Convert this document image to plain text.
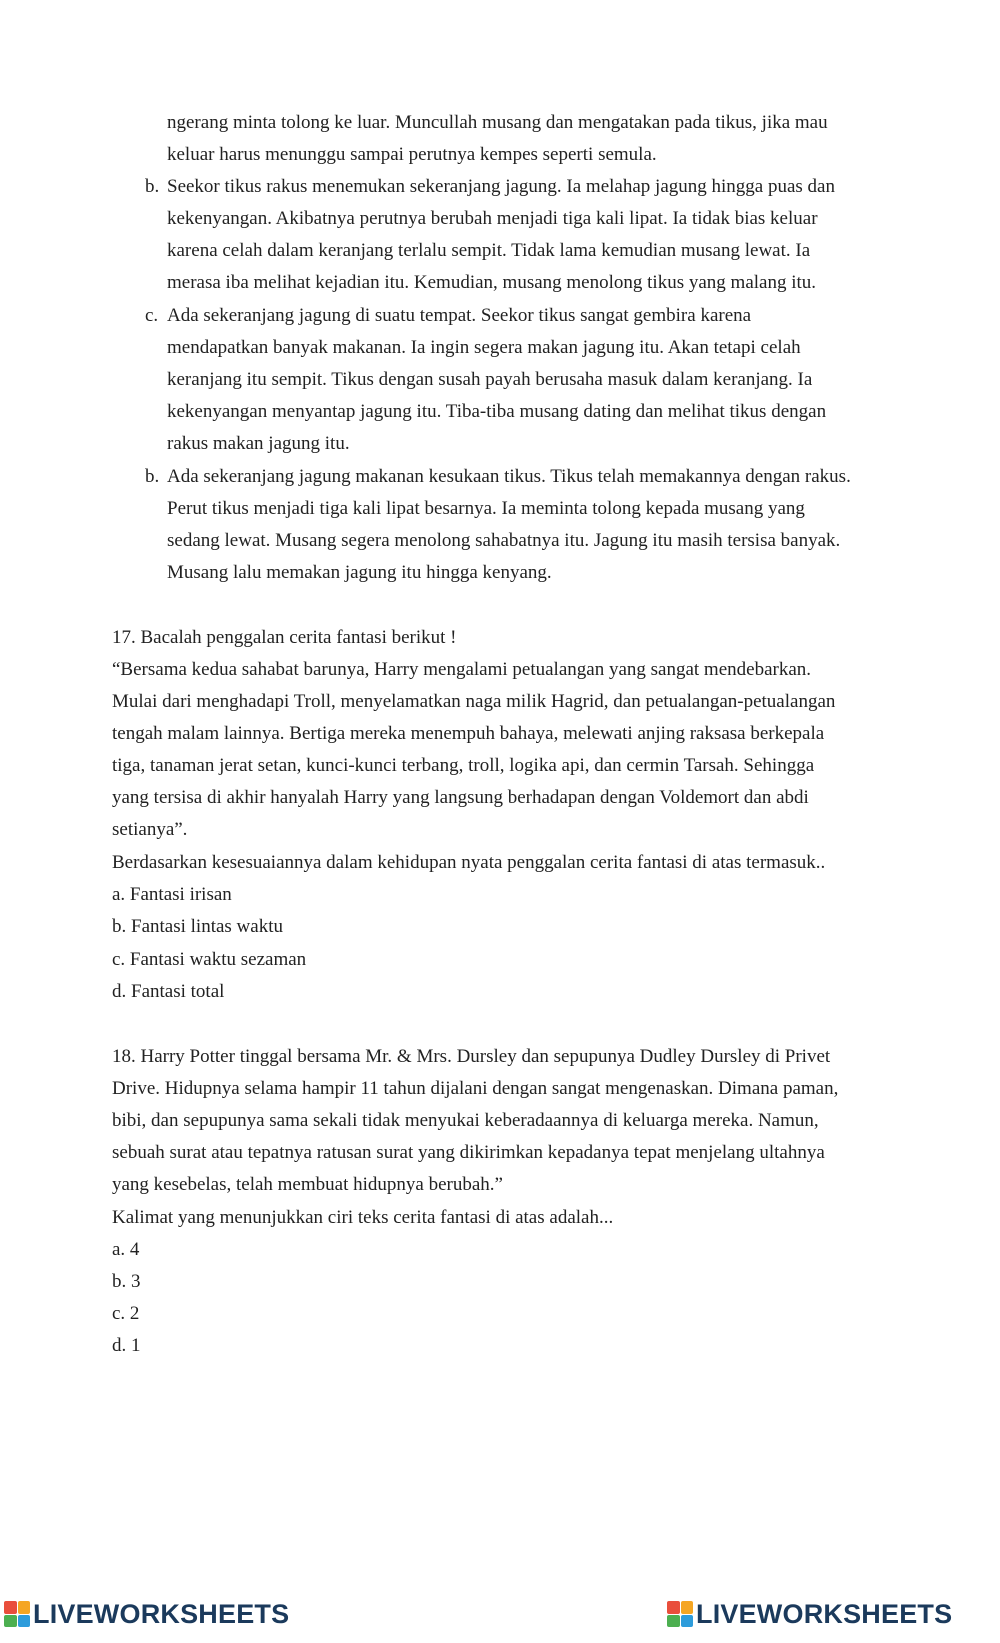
ngerang minta tolong ke luar. Muncullah musang dan mengatakan pada tikus, jika mau
keluar harus menunggu sampai perutnya kempes seperti semula.
b. Seekor tikus rakus menemukan sekeranjang jagung. Ia melahap jagung hingga puas dan
kekenyangan. Akibatnya perutnya berubah menjadi tiga kali lipat. Ia tidak bias keluar
karena celah dalam keranjang terlalu sempit. Tidak lama kemudian musang lewat. Ia
merasa iba melihat kejadian itu. Kemudian, musang menolong tikus yang malang itu.
c. Ada sekeranjang jagung di suatu tempat. Seekor tikus sangat gembira karena
mendapatkan banyak makanan. Ia ingin segera makan jagung itu. Akan tetapi celah
keranjang itu sempit. Tikus dengan susah payah berusaha masuk dalam keranjang. Ia
kekenyangan menyantap jagung itu. Tiba-tiba musang dating dan melihat tikus dengan
rakus makan jagung itu.
b. Ada sekeranjang jagung makanan kesukaan tikus. Tikus telah memakannya dengan rakus.
Perut tikus menjadi tiga kali lipat besarnya. Ia meminta tolong kepada musang yang
sedang lewat. Musang segera menolong sahabatnya itu. Jagung itu masih tersisa banyak.
Musang lalu memakan jagung itu hingga kenyang.
17. Bacalah penggalan cerita fantasi berikut !
“Bersama kedua sahabat barunya, Harry mengalami petualangan yang sangat mendebarkan.
Mulai dari menghadapi Troll, menyelamatkan naga milik Hagrid, dan petualangan-petualangan
tengah malam lainnya. Bertiga mereka menempuh bahaya, melewati anjing raksasa berkepala
tiga, tanaman jerat setan, kunci-kunci terbang, troll, logika api, dan cermin Tarsah. Sehingga
yang tersisa di akhir hanyalah Harry yang langsung berhadapan dengan Voldemort dan abdi
setianya”.
Berdasarkan kesesuaiannya dalam kehidupan nyata penggalan cerita fantasi di atas termasuk..
a. Fantasi irisan
b. Fantasi lintas waktu
c. Fantasi waktu sezaman
d. Fantasi total
18. Harry Potter tinggal bersama Mr. & Mrs. Dursley dan sepupunya Dudley Dursley di Privet
Drive. Hidupnya selama hampir 11 tahun dijalani dengan sangat mengenaskan. Dimana paman,
bibi, dan sepupunya sama sekali tidak menyukai keberadaannya di keluarga mereka. Namun,
sebuah surat atau tepatnya ratusan surat yang dikirimkan kepadanya tepat menjelang ultahnya
yang kesebelas, telah membuat hidupnya berubah.”
Kalimat yang menunjukkan ciri teks cerita fantasi di atas adalah...
a. 4
b. 3
c. 2
d. 1
LIVEWORKSHEETS	LIVEWORKSHEETS
